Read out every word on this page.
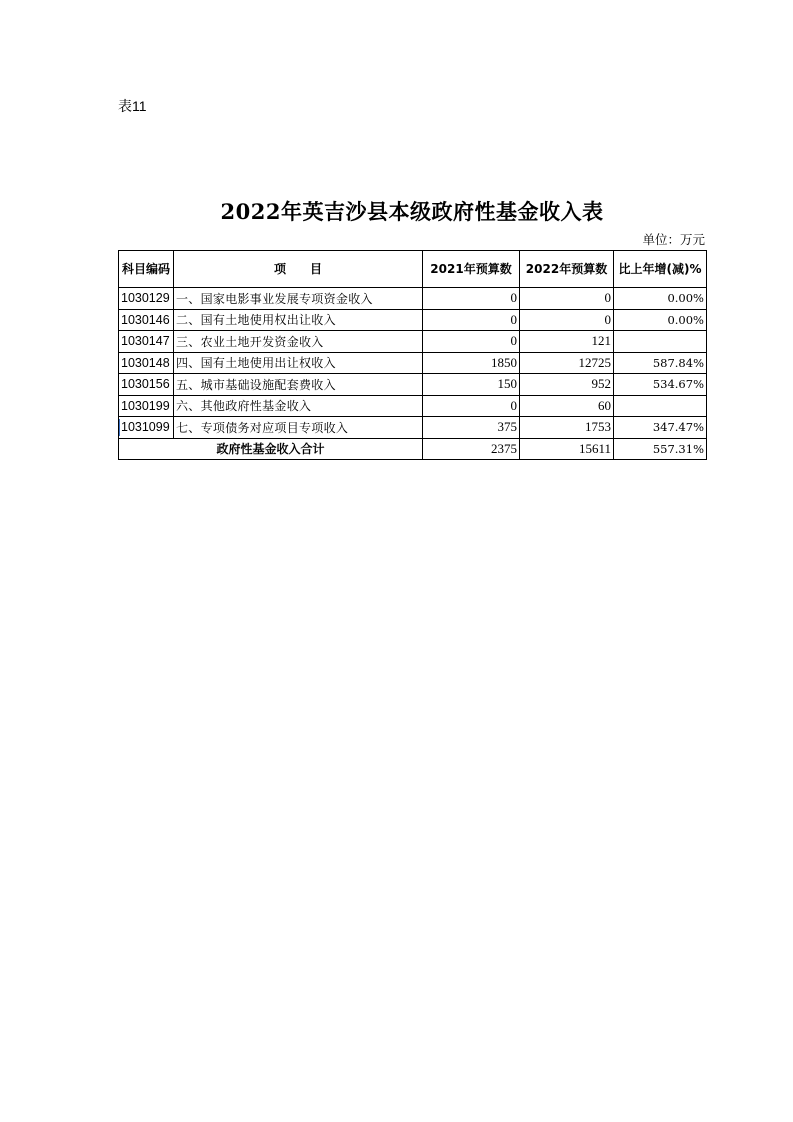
表11
2022年英吉沙县本级政府性基金收入表
单位：万元
科目编码	项　　目	2021年预算数	2022年预算数	比上年增(减)%
1030129	一、国家电影事业发展专项资金收入	0	0	0.00%
1030146	二、国有土地使用权出让收入	0	0	0.00%
1030147	三、农业土地开发资金收入	0	121	
1030148	四、国有土地使用出让权收入	1850	12725	587.84%
1030156	五、城市基础设施配套费收入	150	952	534.67%
1030199	六、其他政府性基金收入	0	60	

1031099	七、专项债务对应项目专项收入	375	1753	347.47%
政府性基金收入合计		2375	15611	557.31%
